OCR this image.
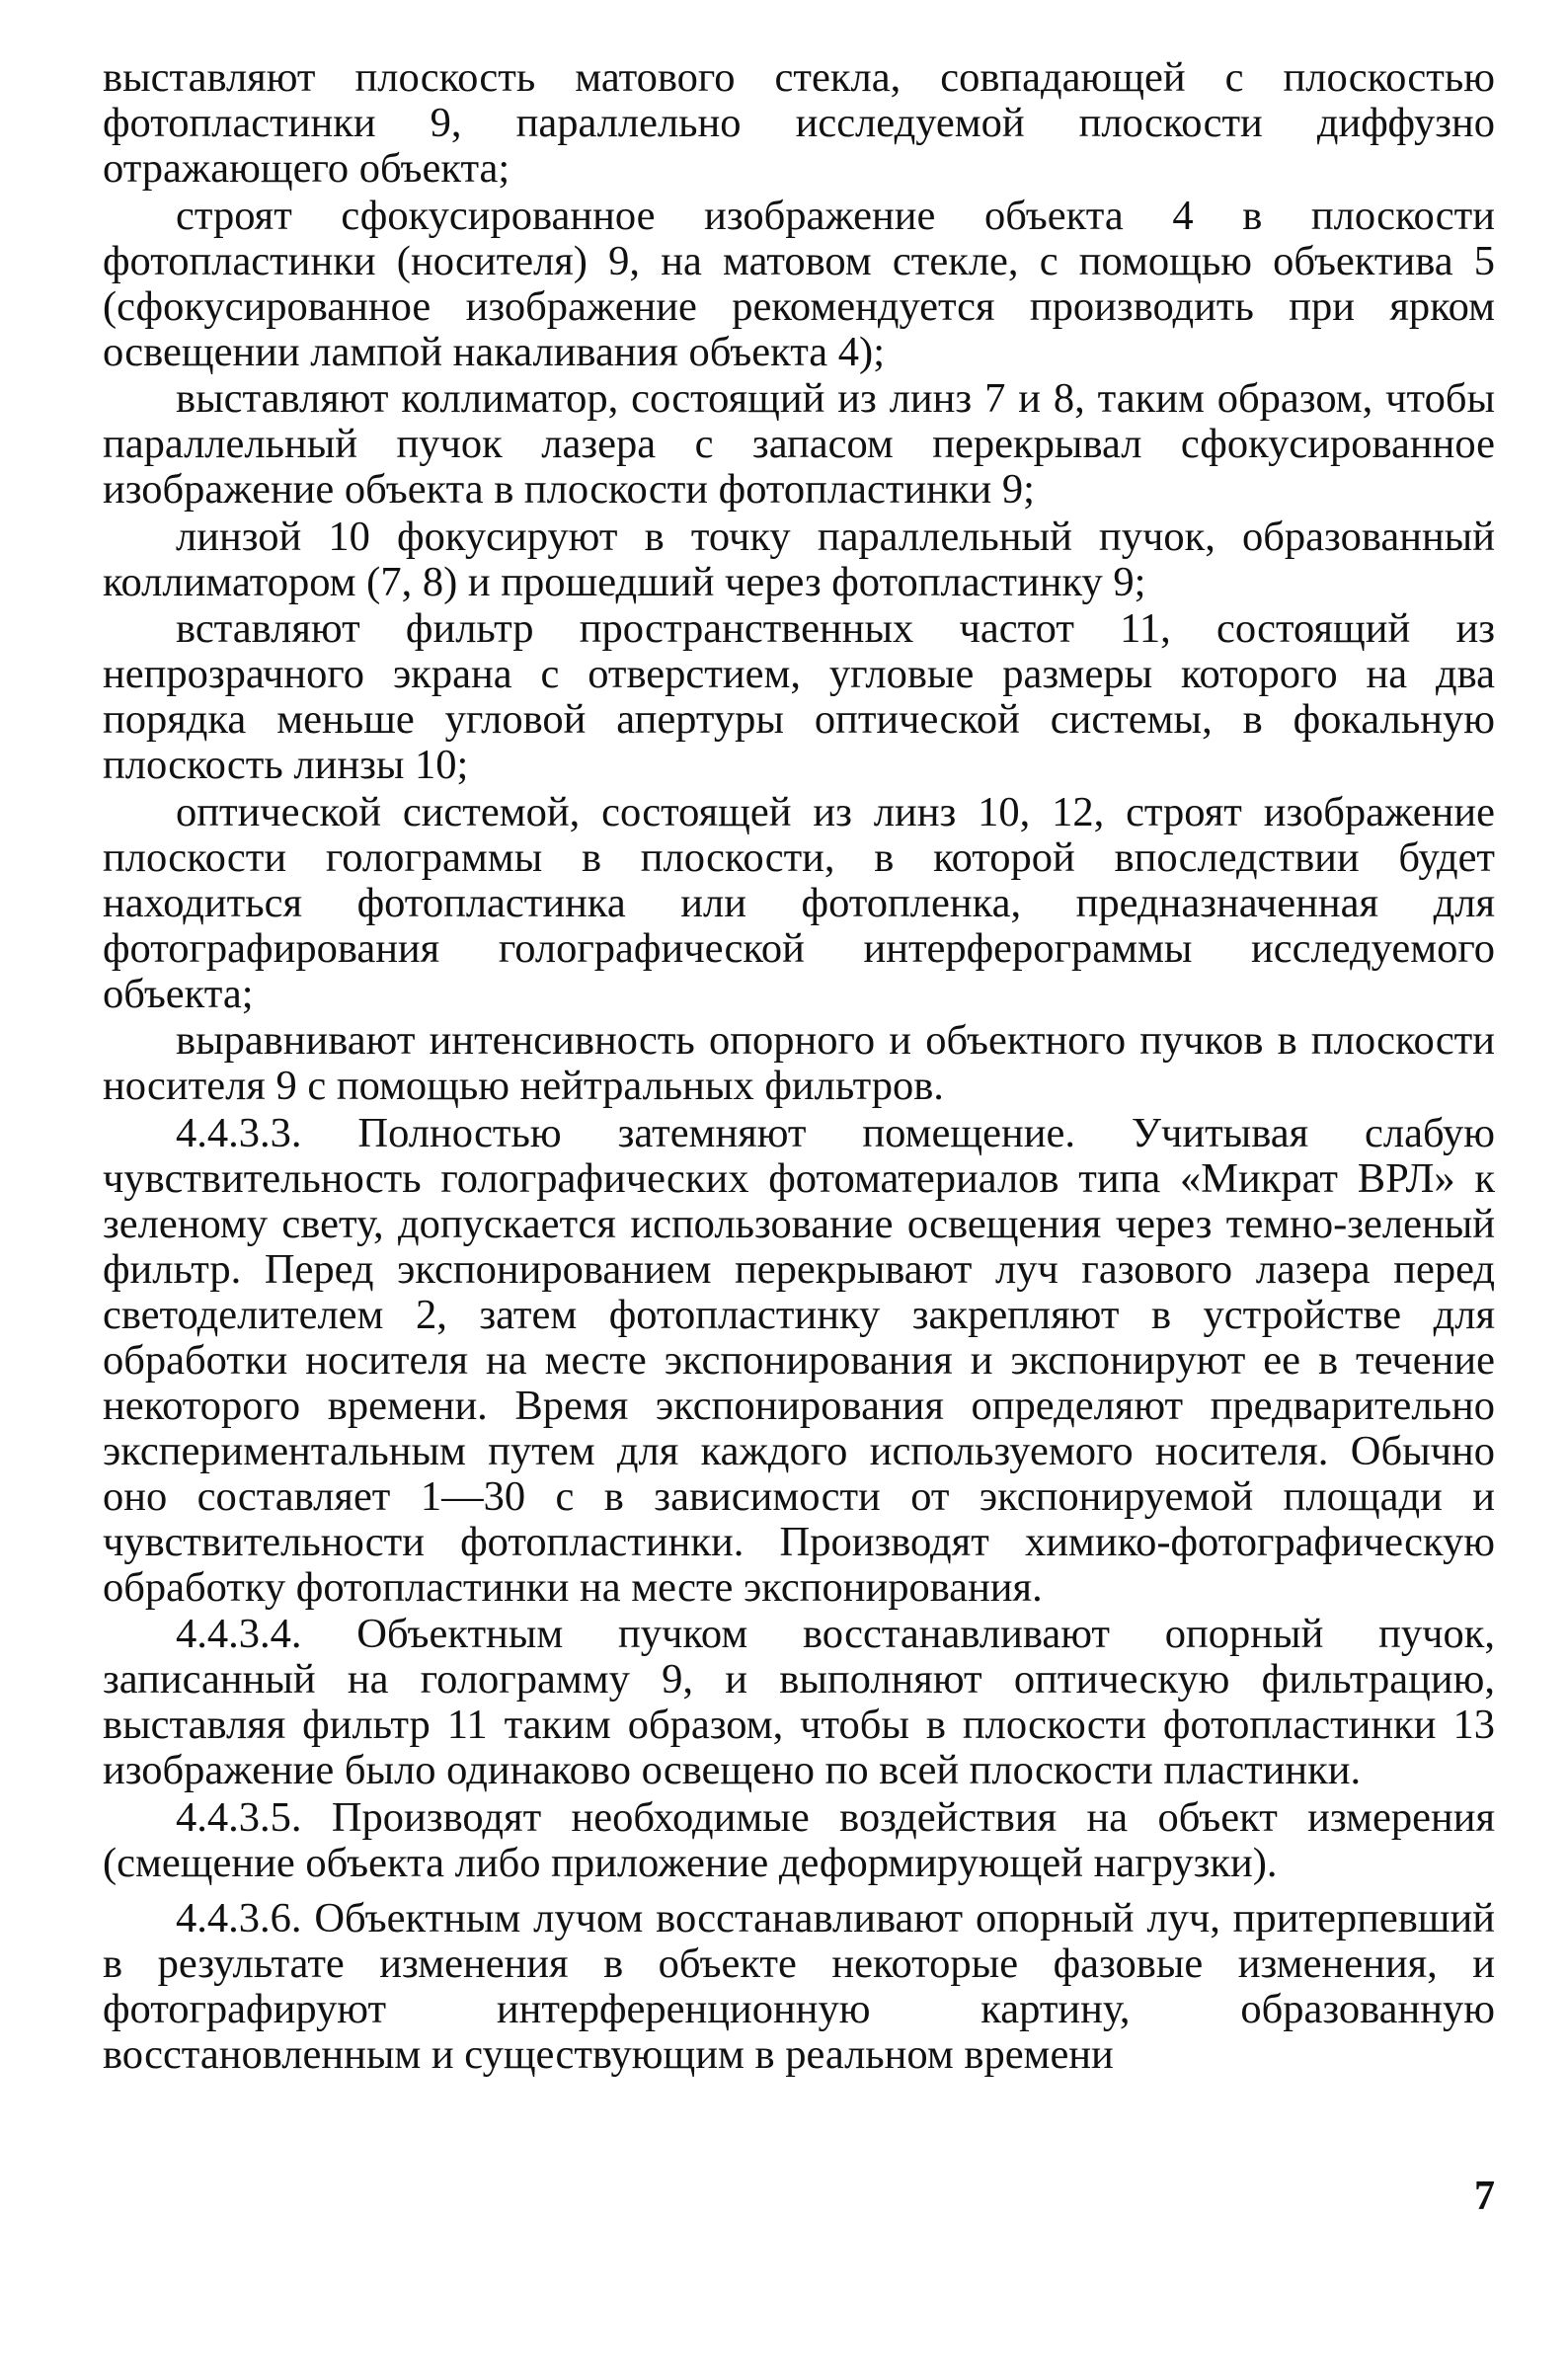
выставляют плоскость матового стекла, совпадающей с плоскостью фотопластинки 9, параллельно исследуемой плоскости диффузно отражающего объекта;

строят сфокусированное изображение объекта 4 в плоскости фотопластинки (носителя) 9, на матовом стекле, с помощью объектива 5 (сфокусированное изображение рекомендуется производить при ярком освещении лампой накаливания объекта 4);

выставляют коллиматор, состоящий из линз 7 и 8, таким образом, чтобы параллельный пучок лазера с запасом перекрывал сфокусированное изображение объекта в плоскости фотопластинки 9;

линзой 10 фокусируют в точку параллельный пучок, образованный коллиматором (7, 8) и прошедший через фотопластинку 9;

вставляют фильтр пространственных частот 11, состоящий из непрозрачного экрана с отверстием, угловые размеры которого на два порядка меньше угловой апертуры оптической системы, в фокальную плоскость линзы 10;

оптической системой, состоящей из линз 10, 12, строят изображение плоскости голограммы в плоскости, в которой впоследствии будет находиться фотопластинка или фотопленка, предназначенная для фотографирования голографической интерферограммы исследуемого объекта;

выравнивают интенсивность опорного и объектного пучков в плоскости носителя 9 с помощью нейтральных фильтров.

4.4.3.3. Полностью затемняют помещение. Учитывая слабую чувствительность голографических фотоматериалов типа «Микрат ВРЛ» к зеленому свету, допускается использование освещения через темно-зеленый фильтр. Перед экспонированием перекрывают луч газового лазера перед светоделителем 2, затем фотопластинку закрепляют в устройстве для обработки носителя на месте экспонирования и экспонируют ее в течение некоторого времени. Время экспонирования определяют предварительно экспериментальным путем для каждого используемого носителя. Обычно оно составляет 1—30 с в зависимости от экспонируемой площади и чувствительности фотопластинки. Производят химико-фотографическую обработку фотопластинки на месте экспонирования.

4.4.3.4. Объектным пучком восстанавливают опорный пучок, записанный на голограмму 9, и выполняют оптическую фильтрацию, выставляя фильтр 11 таким образом, чтобы в плоскости фотопластинки 13 изображение было одинаково освещено по всей плоскости пластинки.

4.4.3.5. Производят необходимые воздействия на объект измерения (смещение объекта либо приложение деформирующей нагрузки).

4.4.3.6. Объектным лучом восстанавливают опорный луч, притерпевший в результате изменения в объекте некоторые фазовые изменения, и фотографируют интерференционную картину, образованную восстановленным и существующим в реальном времени

7
